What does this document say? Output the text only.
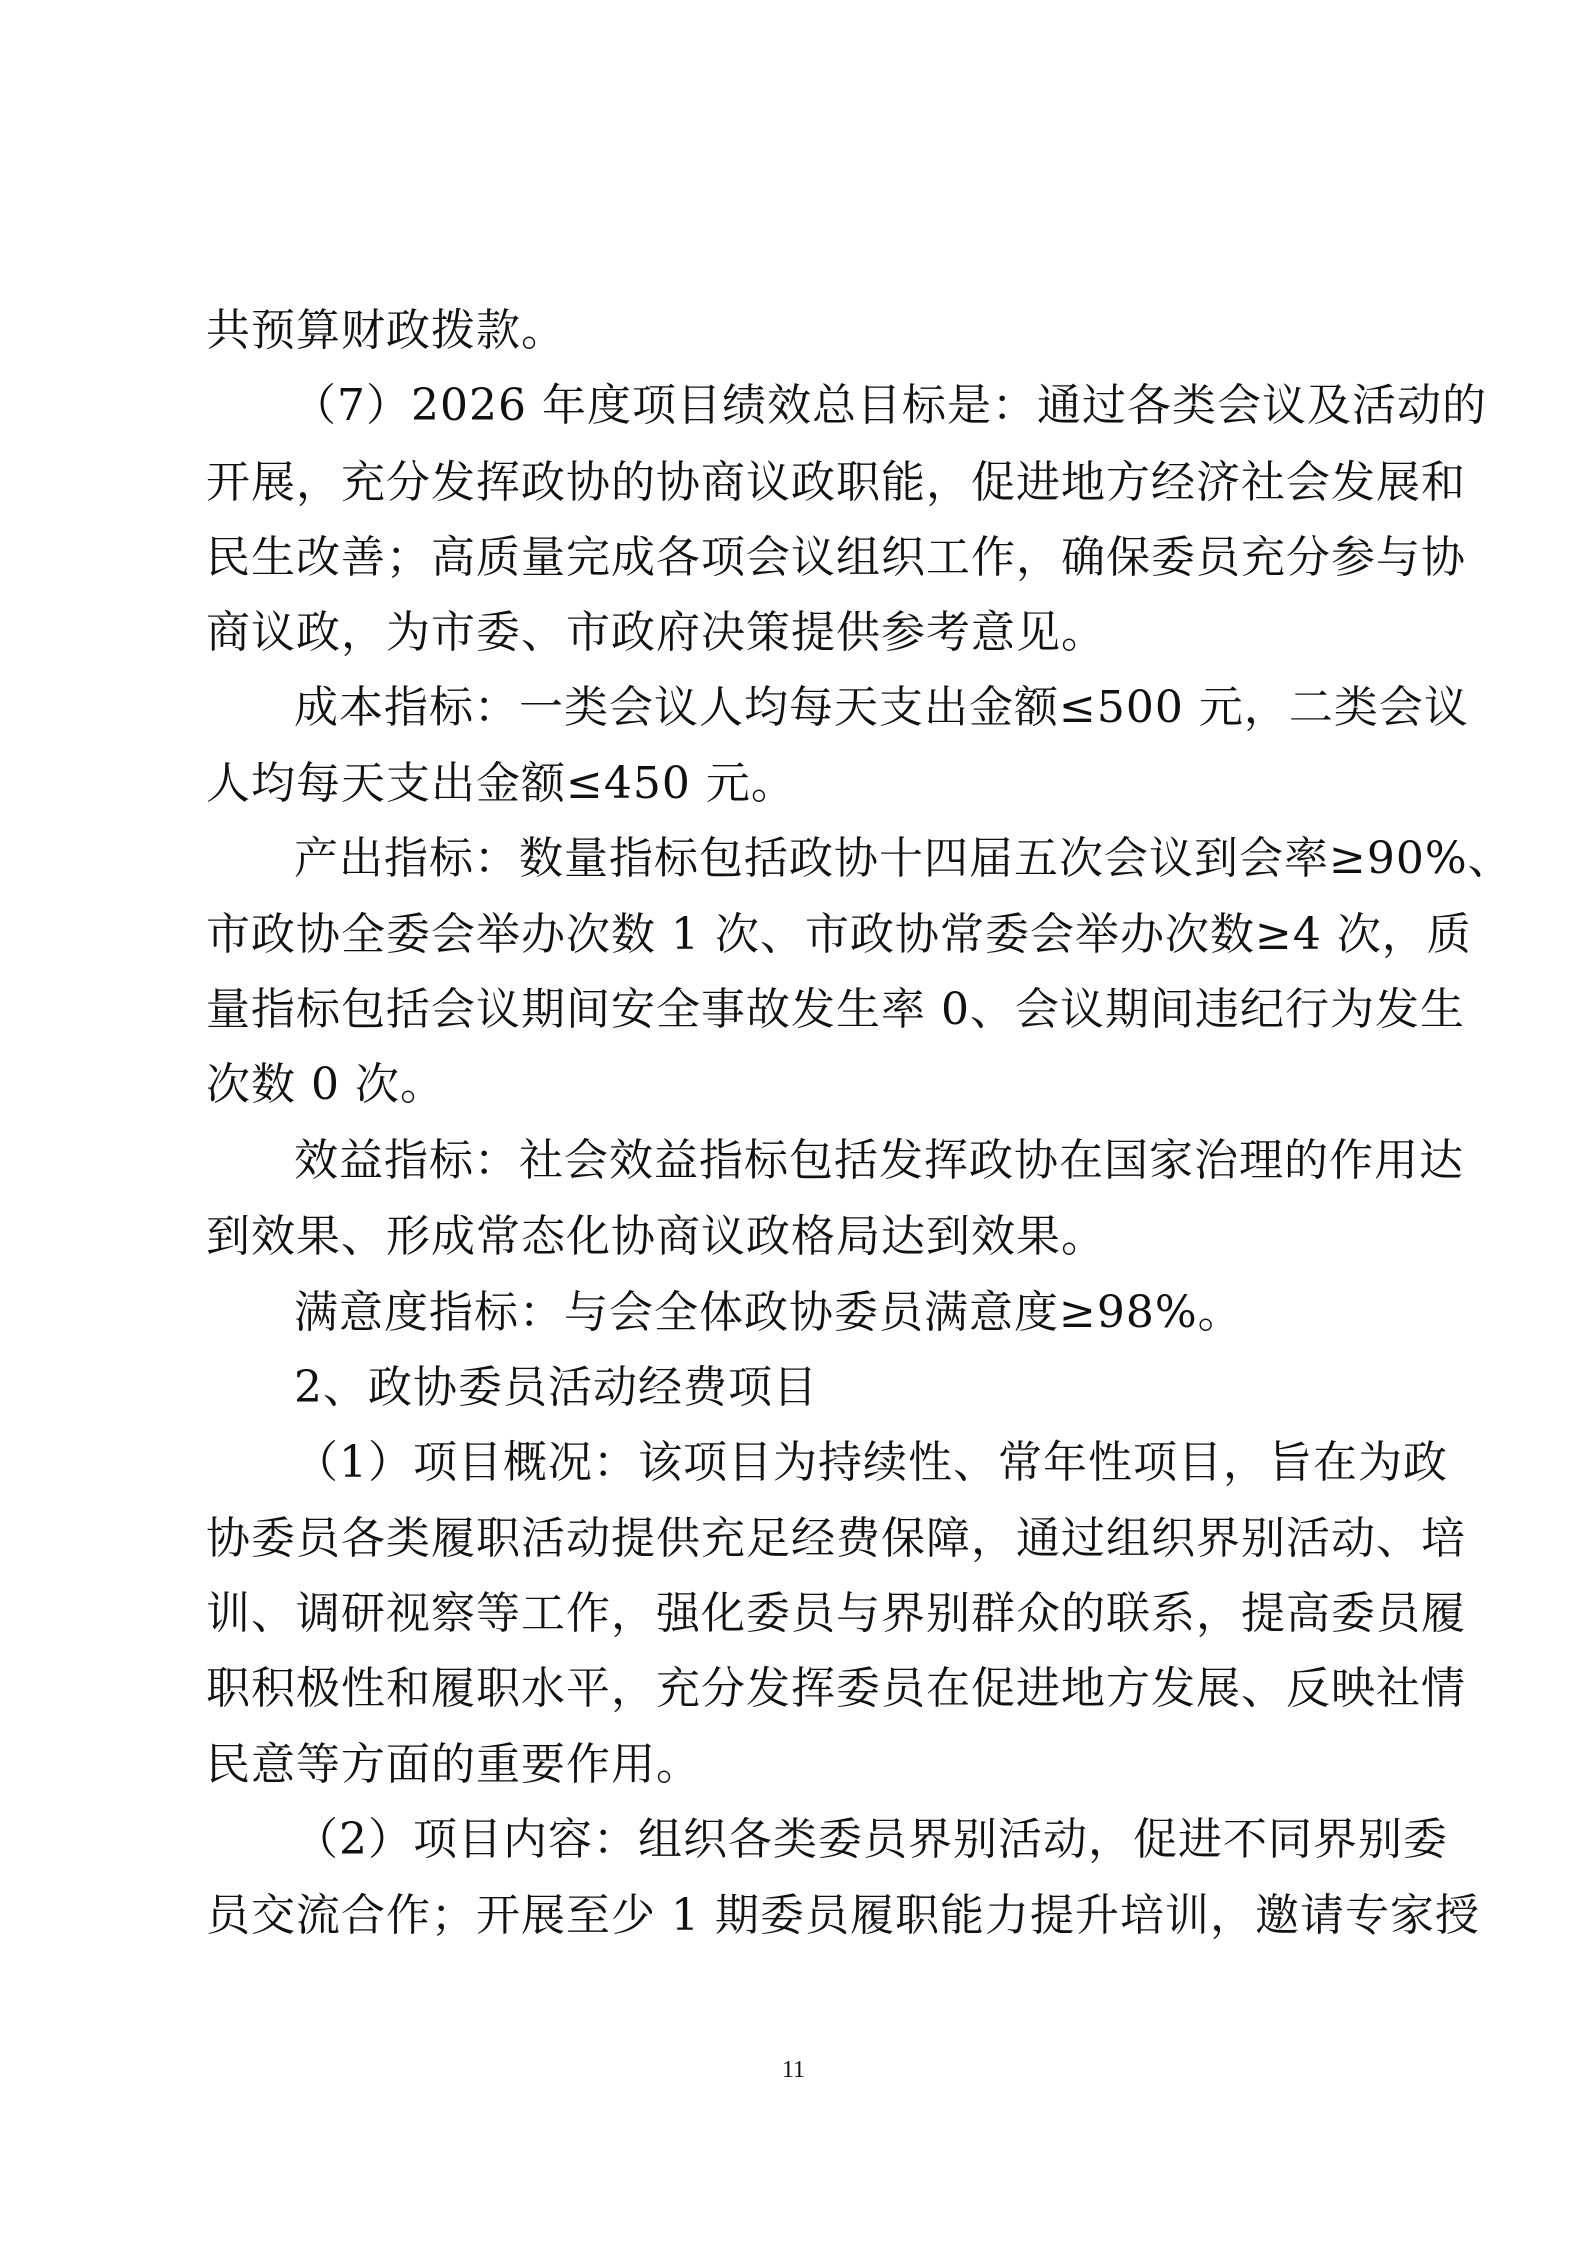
共预算财政拨款。
（7）2026 年度项目绩效总目标是：通过各类会议及活动的
开展，充分发挥政协的协商议政职能，促进地方经济社会发展和
民生改善；高质量完成各项会议组织工作，确保委员充分参与协
商议政，为市委、市政府决策提供参考意见。
成本指标：一类会议人均每天支出金额≤500 元，二类会议
人均每天支出金额≤450 元。
产出指标：数量指标包括政协十四届五次会议到会率≥90%、
市政协全委会举办次数 1 次、市政协常委会举办次数≥4 次，质
量指标包括会议期间安全事故发生率 0、会议期间违纪行为发生
次数 0 次。
效益指标：社会效益指标包括发挥政协在国家治理的作用达
到效果、形成常态化协商议政格局达到效果。
满意度指标：与会全体政协委员满意度≥98%。
2、政协委员活动经费项目
（1）项目概况：该项目为持续性、常年性项目，旨在为政
协委员各类履职活动提供充足经费保障，通过组织界别活动、培
训、调研视察等工作，强化委员与界别群众的联系，提高委员履
职积极性和履职水平，充分发挥委员在促进地方发展、反映社情
民意等方面的重要作用。
（2）项目内容：组织各类委员界别活动，促进不同界别委
员交流合作；开展至少 1 期委员履职能力提升培训，邀请专家授
11
